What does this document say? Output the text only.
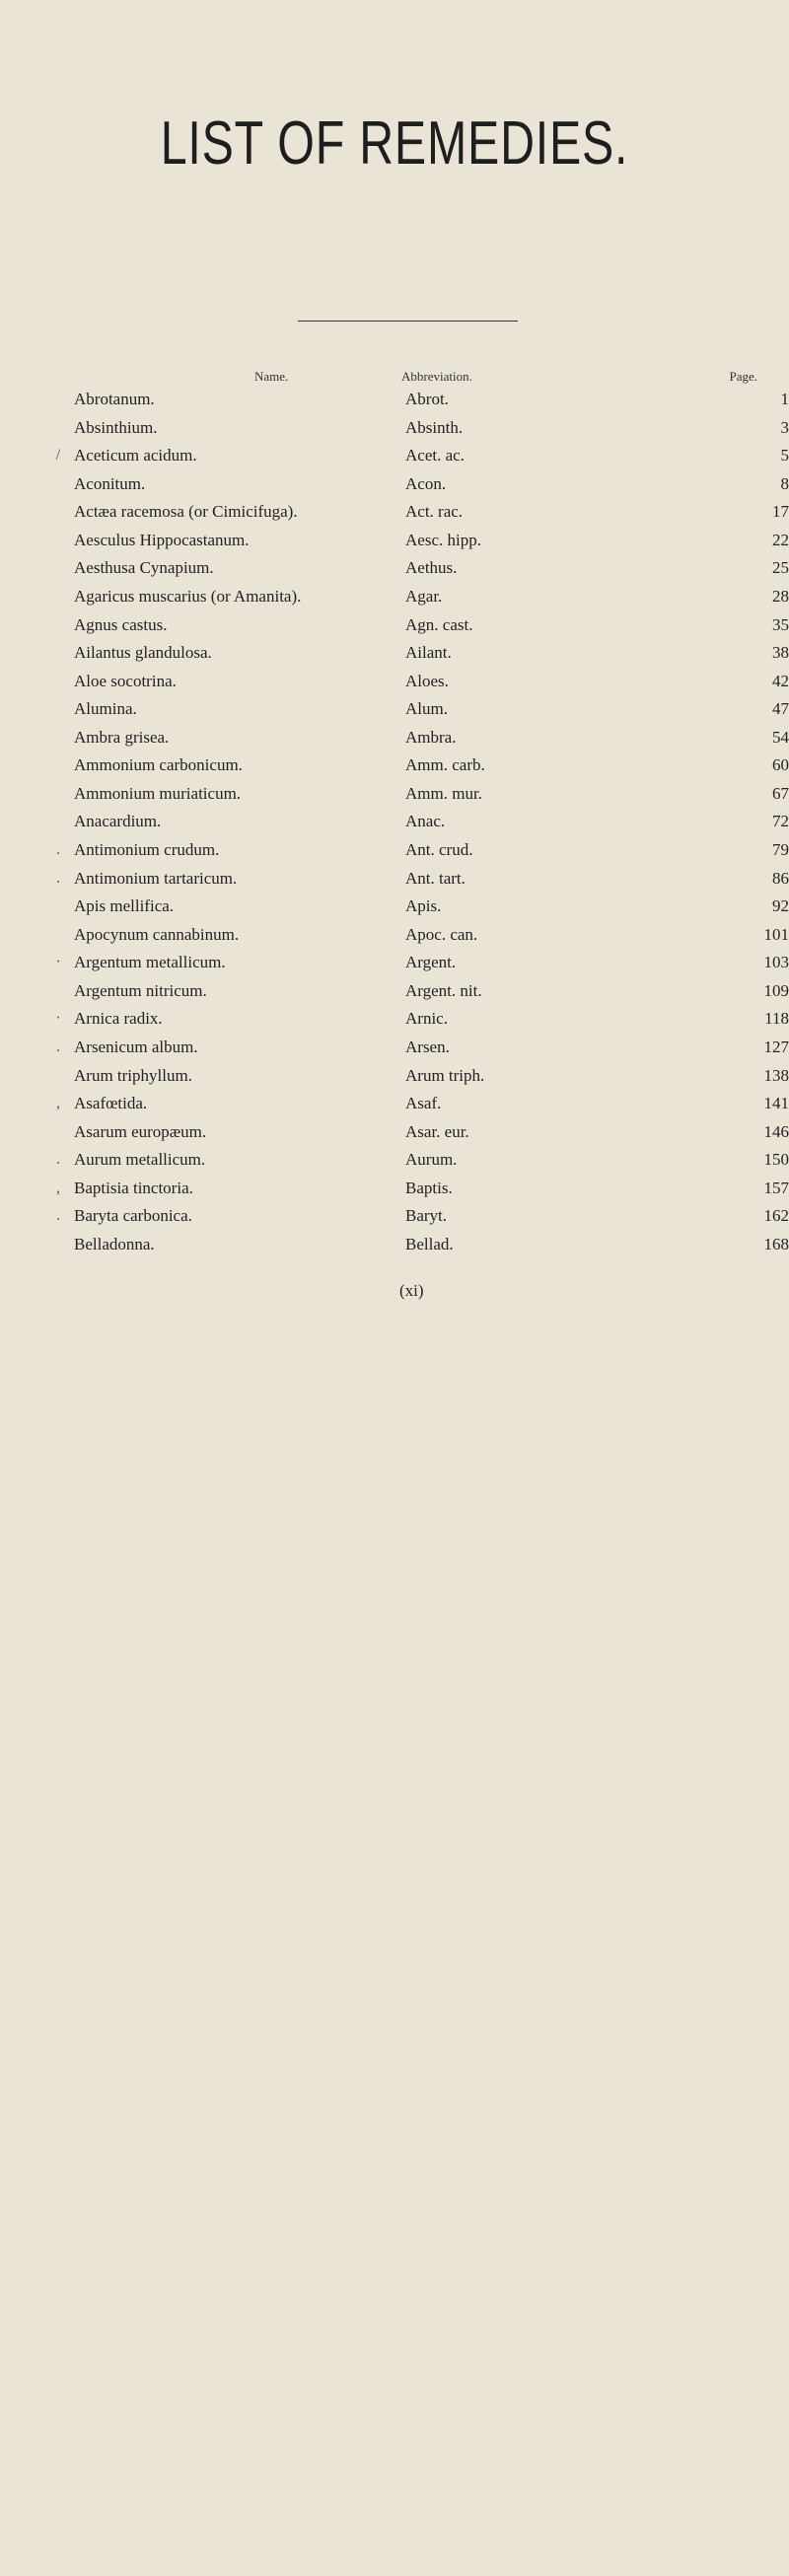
LIST OF REMEDIES.
Name.	Abbreviation.	Page.
Abrotanum.	Abrot.	1
Absinthium.	Absinth.	3
/ Aceticum acidum.	Acet. ac.	5
Aconitum.	Acon.	8
Actæa racemosa (or Cimicifuga).	Act. rac.	17
Aesculus Hippocastanum.	Aesc. hipp.	22
Aesthusa Cynapium.	Aethus.	25
Agaricus muscarius (or Amanita).	Agar.	28
Agnus castus.	Agn. cast.	35
Ailantus glandulosa.	Ailant.	38
Aloe socotrina.	Aloes.	42
Alumina.	Alum.	47
Ambra grisea.	Ambra.	54
Ammonium carbonicum.	Amm. carb.	60
Ammonium muriaticum.	Amm. mur.	67
Anacardium.	Anac.	72
. Antimonium crudum.	Ant. crud.	79
. Antimonium tartaricum.	Ant. tart.	86
Apis mellifica.	Apis.	92
Apocynum cannabinum.	Apoc. can.	101
· Argentum metallicum.	Argent.	103
Argentum nitricum.	Argent. nit.	109
· Arnica radix.	Arnic.	118
. Arsenicum album.	Arsen.	127
Arum triphyllum.	Arum triph.	138
, Asafœtida.	Asaf.	141
Asarum europæum.	Asar. eur.	146
. Aurum metallicum.	Aurum.	150
, Baptisia tinctoria.	Baptis.	157
. Baryta carbonica.	Baryt.	162
Belladonna.	Bellad.	168
(xi)
